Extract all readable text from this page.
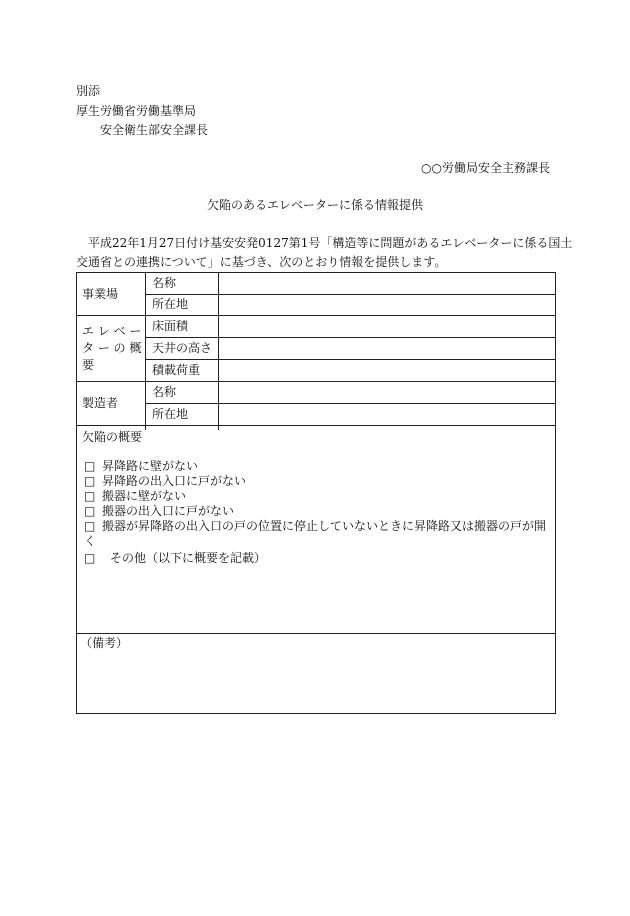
別添
厚生労働省労働基準局
安全衛生部安全課長
○○労働局安全主務課長
欠陥のあるエレベーターに係る情報提供
平成22年1月27日付け基安安発0127第1号「構造等に問題があるエレベーターに係る国土
交通省との連携について」に基づき、次のとおり情報を提供します。
事業場
名称
所在地
エ レ ベ ー
タ ー の 概
要
床面積
天井の高さ
積載荷重
製造者
名称
所在地
欠陥の概要
□ 昇降路に壁がない
□ 昇降路の出入口に戸がない
□ 搬器に壁がない
□ 搬器の出入口に戸がない
□ 搬器が昇降路の出入口の戸の位置に停止していないときに昇降路又は搬器の戸が開く
□ その他（以下に概要を記載）
（備考）
